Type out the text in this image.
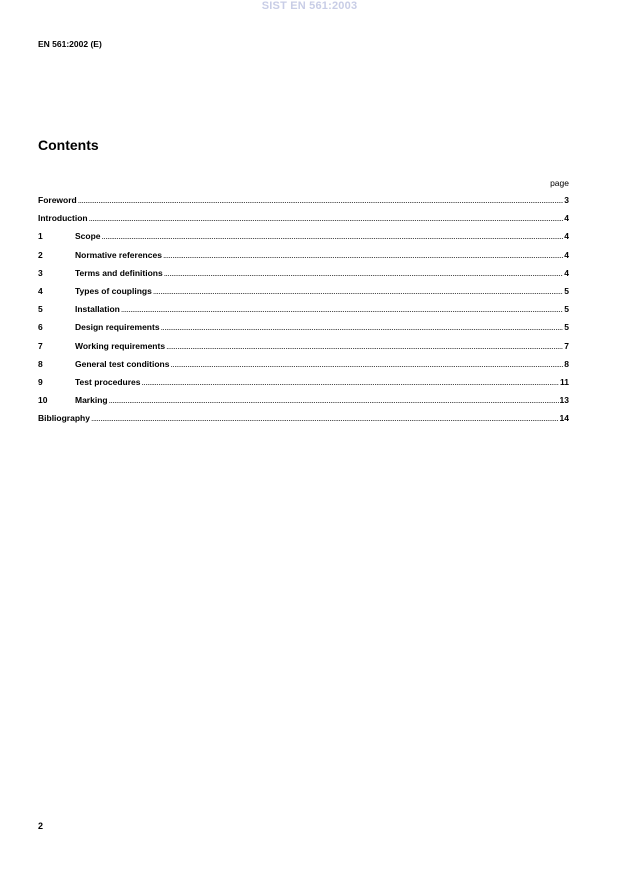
SIST EN 561:2003
EN 561:2002 (E)
Contents
page
Foreword .....	3
Introduction .....	4
1	Scope .....	4
2	Normative references .....	4
3	Terms and definitions .....	4
4	Types of couplings .....	5
5	Installation .....	5
6	Design requirements .....	5
7	Working requirements .....	7
8	General test conditions .....	8
9	Test procedures .....	11
10	Marking .....	13
Bibliography .....	14
2
